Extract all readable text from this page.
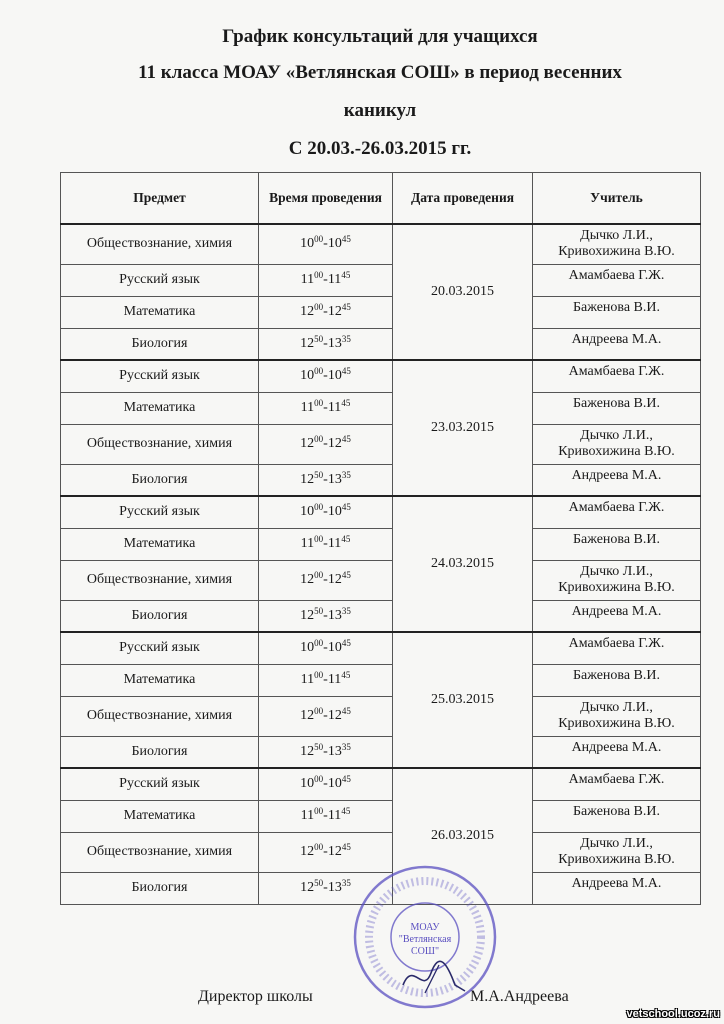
График консультаций для учащихся
11 класса МОАУ «Ветлянская СОШ» в период весенних
каникул
С 20.03.-26.03.2015 гг.
Предмет	Время проведения	Дата проведения	Учитель
Обществознание, химия	$10^{00}-10^{45}$	20.03.2015	Дычко Л.И.,
Кривохижина В.Ю.

Русский язык	$11^{00}-11^{45}$		Амамбаева Г.Ж.

Математика	$12^{00}-12^{45}$		Баженова В.И.

Биология	$12^{50}-13^{35}$		Андреева М.А.

Русский язык	$10^{00}-10^{45}$	23.03.2015	Амамбаева Г.Ж.

Математика	$11^{00}-11^{45}$		Баженова В.И.

Обществознание, химия	$12^{00}-12^{45}$		Дычко Л.И.,
Кривохижина В.Ю.

Биология	$12^{50}-13^{35}$		Андреева М.А.

Русский язык	$10^{00}-10^{45}$	24.03.2015	Амамбаева Г.Ж.

Математика	$11^{00}-11^{45}$		Баженова В.И.

Обществознание, химия	$12^{00}-12^{45}$		Дычко Л.И.,
Кривохижина В.Ю.

Биология	$12^{50}-13^{35}$		Андреева М.А.

Русский язык	$10^{00}-10^{45}$	25.03.2015	Амамбаева Г.Ж.

Математика	$11^{00}-11^{45}$		Баженова В.И.

Обществознание, химия	$12^{00}-12^{45}$		Дычко Л.И.,
Кривохижина В.Ю.

Биология	$12^{50}-13^{35}$		Андреева М.А.

Русский язык	$10^{00}-10^{45}$	26.03.2015	Амамбаева Г.Ж.

Математика	$11^{00}-11^{45}$		Баженова В.И.

Обществознание, химия	$12^{00}-12^{45}$		Дычко Л.И.,
Кривохижина В.Ю.

Биология	$12^{50}-13^{35}$		Андреева М.А.
Директор школы	М.А.Андреева
МОАУ
"Ветлянская
СОШ"
vetschool.ucoz.ru
